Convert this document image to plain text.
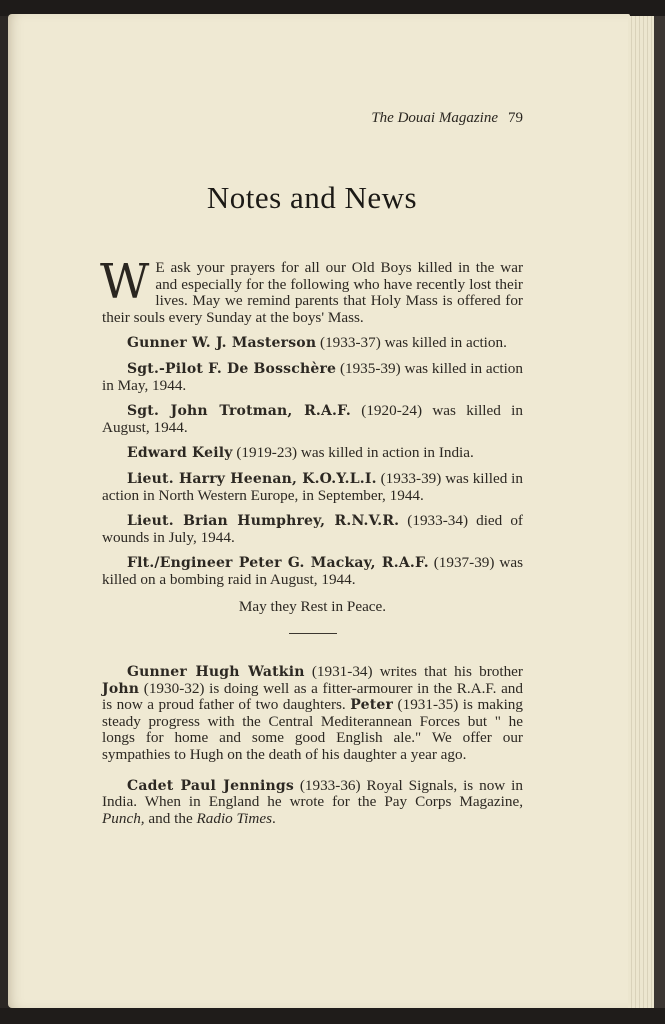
The Douai Magazine 79
Notes and News

W E ask your prayers for all our Old Boys killed in the war and especially for the following who have recently lost their lives. May we remind parents that Holy Mass is offered for their souls every Sunday at the boys' Mass.

Gunner W. J. Masterson (1933-37) was killed in action.

Sgt.-Pilot F. De Bosschère (1935-39) was killed in action in May, 1944.

Sgt. John Trotman, R.A.F. (1920-24) was killed in August, 1944.

Edward Keily (1919-23) was killed in action in India.

Lieut. Harry Heenan, K.O.Y.L.I. (1933-39) was killed in action in North Western Europe, in September, 1944.

Lieut. Brian Humphrey, R.N.V.R. (1933-34) died of wounds in July, 1944.

Flt./Engineer Peter G. Mackay, R.A.F. (1937-39) was killed on a bombing raid in August, 1944.

May they Rest in Peace.

Gunner Hugh Watkin (1931-34) writes that his brother John (1930-32) is doing well as a fitter-armourer in the R.A.F. and is now a proud father of two daughters. Peter (1931-35) is making steady progress with the Central Mediterannean Forces but " he longs for home and some good English ale." We offer our sympathies to Hugh on the death of his daughter a year ago.

Cadet Paul Jennings (1933-36) Royal Signals, is now in India. When in England he wrote for the Pay Corps Magazine, Punch, and the Radio Times.
